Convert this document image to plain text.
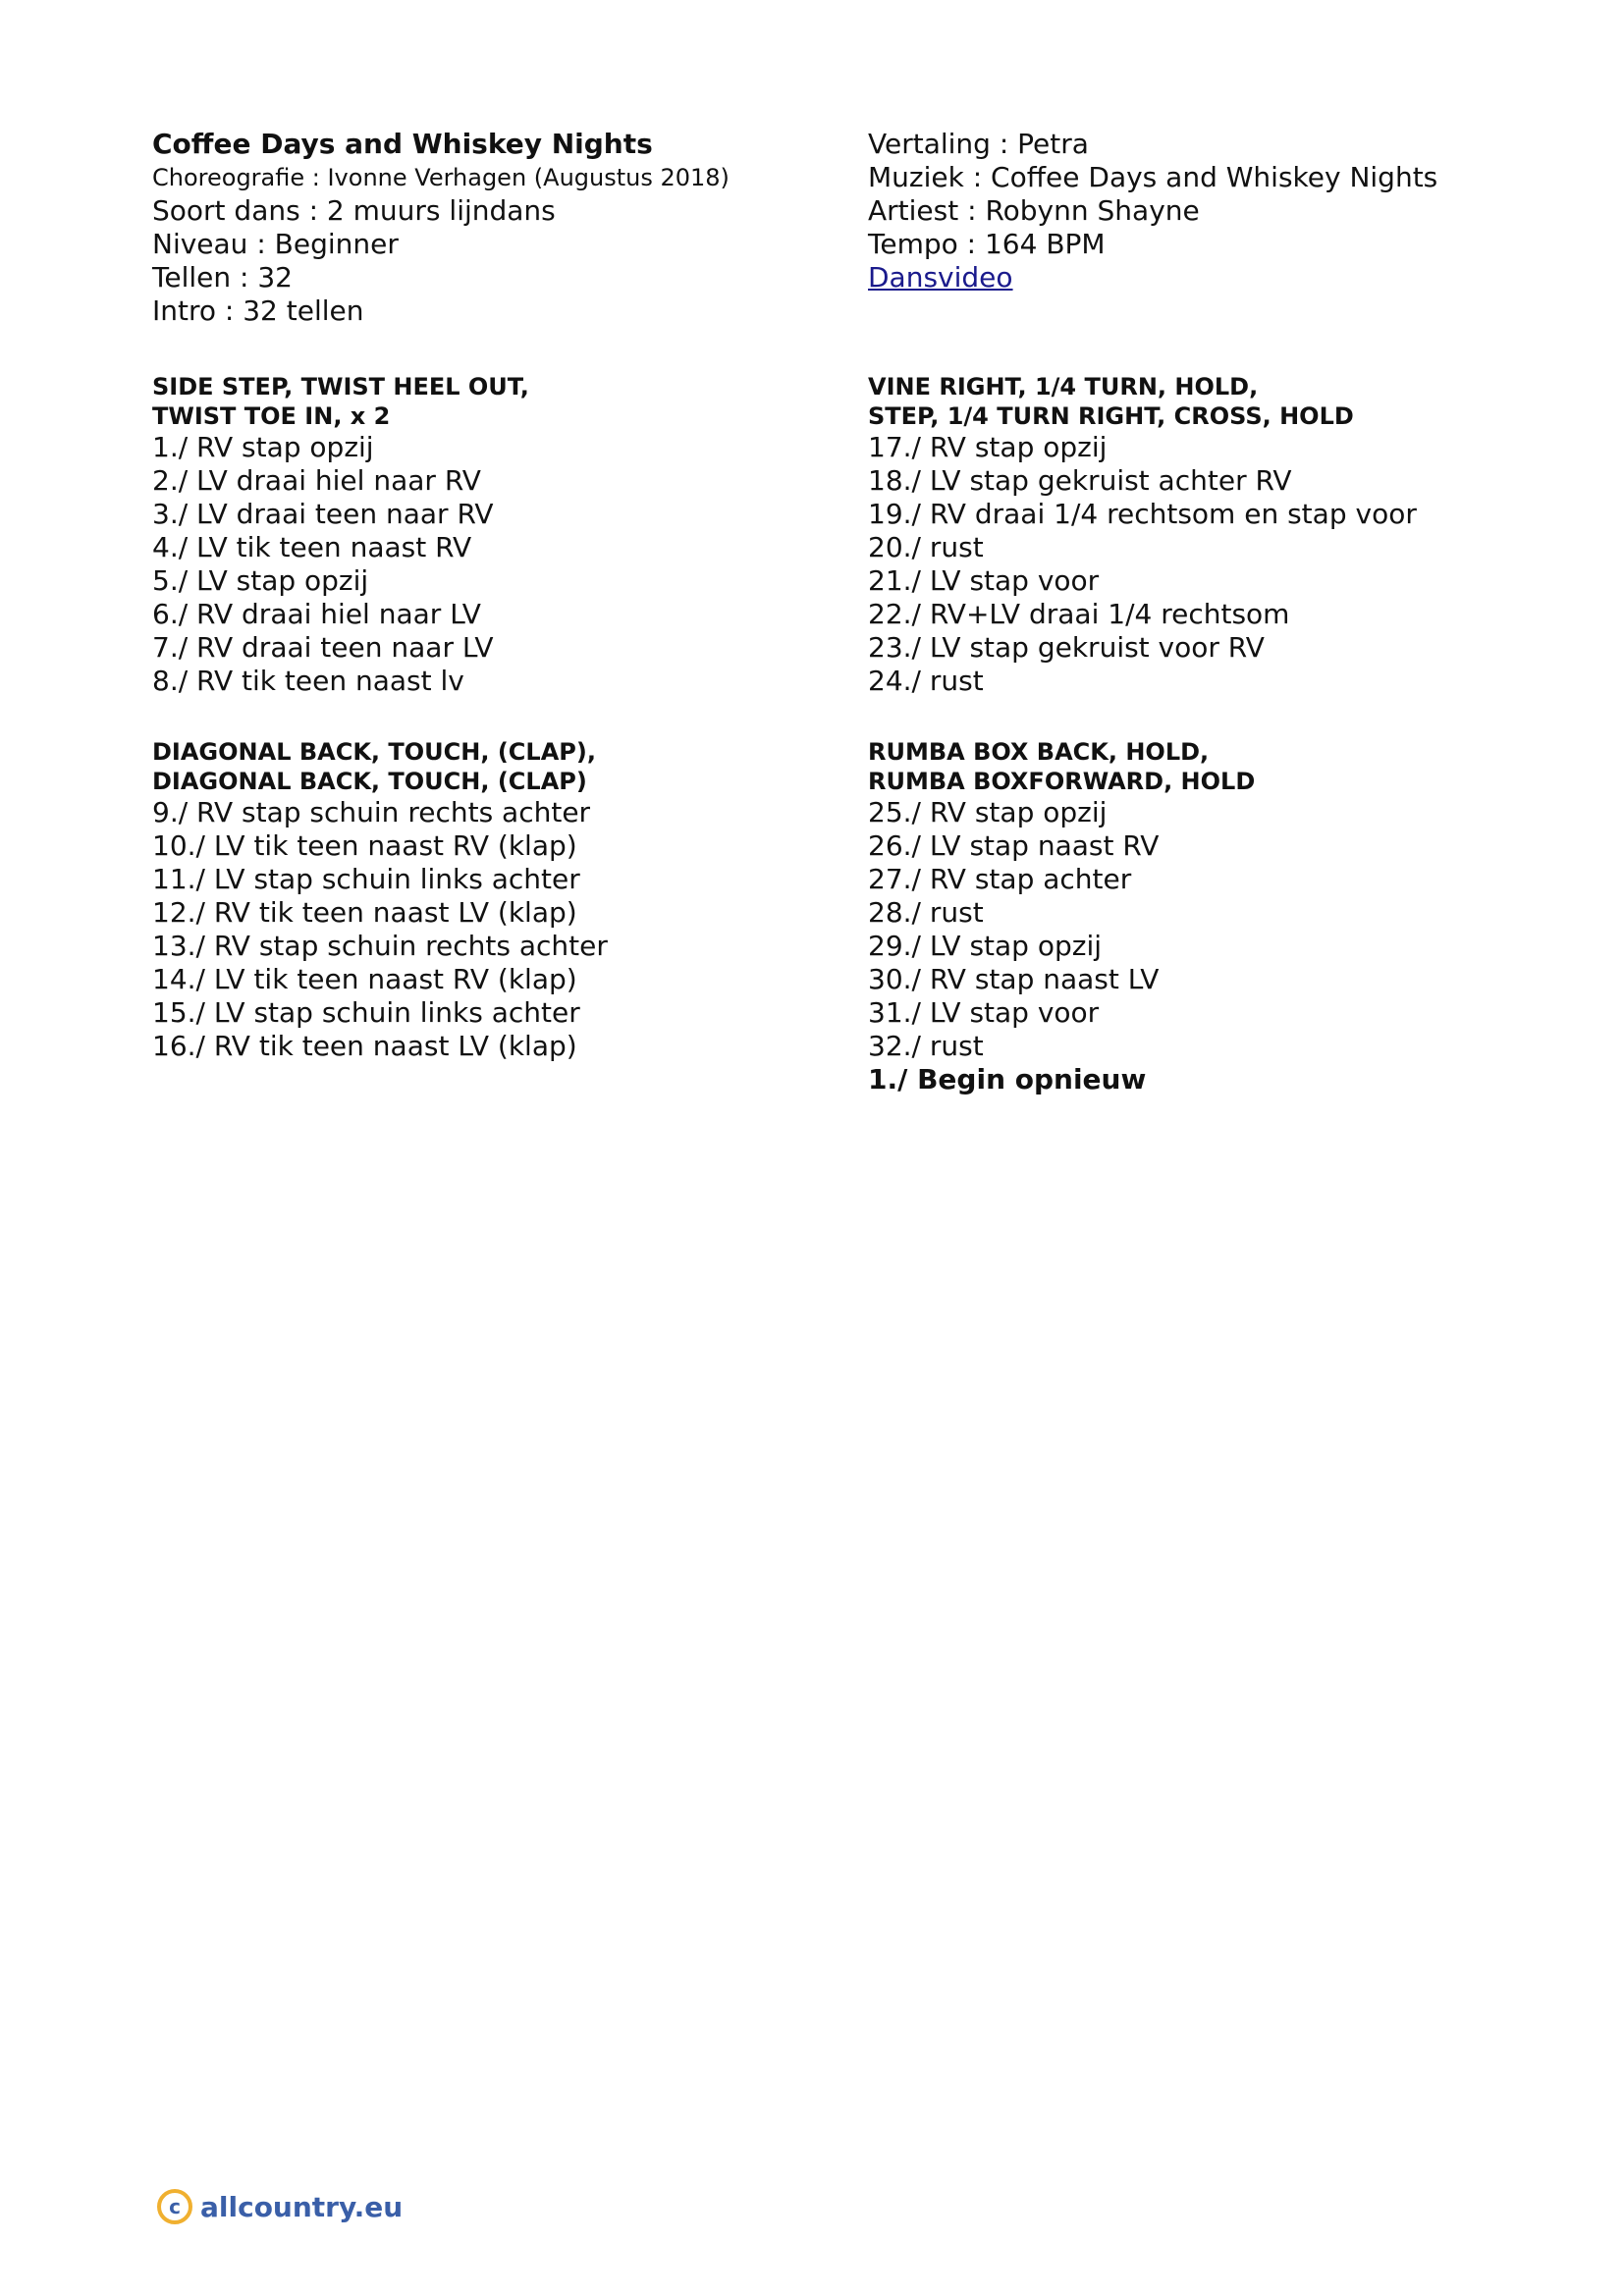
Coffee Days and Whiskey Nights
Choreografie : Ivonne Verhagen (Augustus 2018)
Soort dans : 2 muurs lijndans
Niveau : Beginner
Tellen : 32
Intro : 32 tellen
SIDE STEP, TWIST HEEL OUT,
TWIST TOE IN, x 2
1./ RV stap opzij
2./ LV draai hiel naar RV
3./ LV draai teen naar RV
4./ LV tik teen naast RV
5./ LV stap opzij
6./ RV draai hiel naar LV
7./ RV draai teen naar LV
8./ RV tik teen naast lv
DIAGONAL BACK, TOUCH, (CLAP),
DIAGONAL BACK, TOUCH, (CLAP)
9./ RV stap schuin rechts achter
10./ LV tik teen naast RV (klap)
11./ LV stap schuin links achter
12./ RV tik teen naast LV (klap)
13./ RV stap schuin rechts achter
14./ LV tik teen naast RV (klap)
15./ LV stap schuin links achter
16./ RV tik teen naast LV (klap)
Vertaling : Petra
Muziek : Coffee Days and Whiskey Nights
Artiest : Robynn Shayne
Tempo : 164 BPM
Dansvideo

VINE RIGHT, 1/4 TURN, HOLD,
STEP, 1/4 TURN RIGHT, CROSS, HOLD
17./ RV stap opzij
18./ LV stap gekruist achter RV
19./ RV draai 1/4 rechtsom en stap voor
20./ rust
21./ LV stap voor
22./ RV+LV draai 1/4 rechtsom
23./ LV stap gekruist voor RV
24./ rust
RUMBA BOX BACK, HOLD,
RUMBA BOXFORWARD, HOLD
25./ RV stap opzij
26./ LV stap naast RV
27./ RV stap achter
28./ rust
29./ LV stap opzij
30./ RV stap naast LV
31./ LV stap voor
32./ rust
1./ Begin opnieuw
c allcountry.eu
